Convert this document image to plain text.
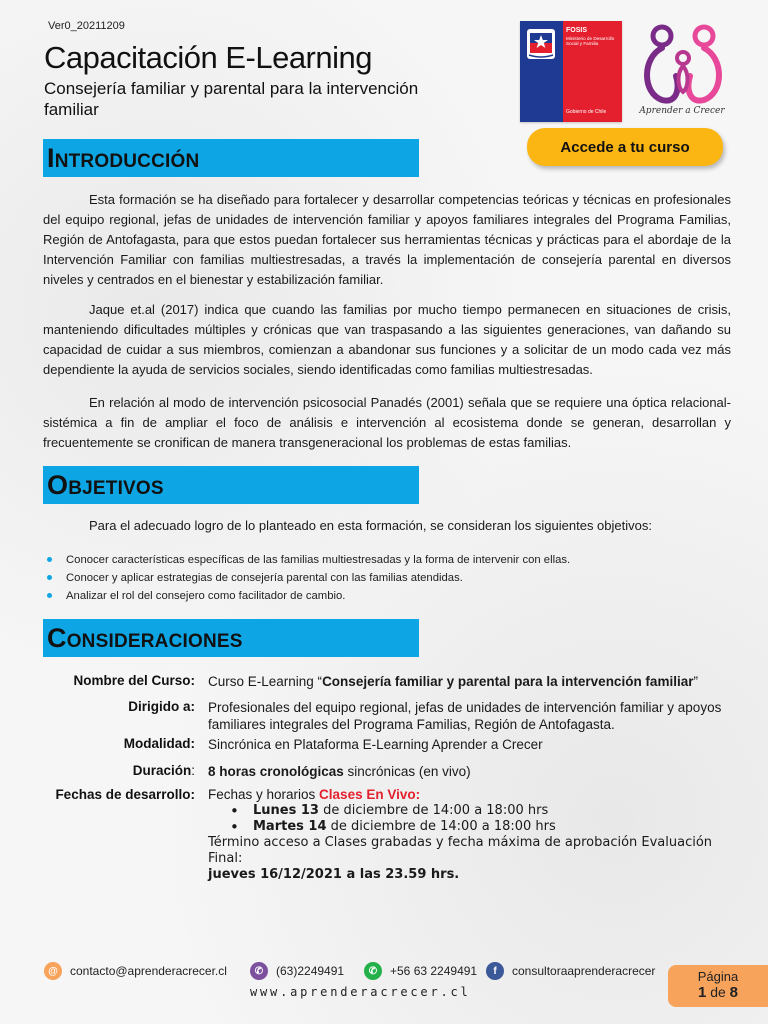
Ver0_20211209
Capacitación E-Learning
Consejería familiar y parental para la intervención familiar
FOSIS
Ministerio de Desarrollo Social y Familia
Gobierno de Chile	Aprender a Crecer
Accede a tu curso
Introducción

Esta formación se ha diseñado para fortalecer y desarrollar competencias teóricas y técnicas en profesionales del equipo regional, jefas de unidades de intervención familiar y apoyos familiares integrales del Programa Familias, Región de Antofagasta, para que estos puedan fortalecer sus herramientas técnicas y prácticas para el abordaje de la Intervención Familiar con familias multiestresadas, a través la implementación de consejería parental en diversos niveles y centrados en el bienestar y estabilización familiar.

Jaque et.al (2017) indica que cuando las familias por mucho tiempo permanecen en situaciones de crisis, manteniendo dificultades múltiples y crónicas que van traspasando a las siguientes generaciones, van dañando su capacidad de cuidar a sus miembros, comienzan a abandonar sus funciones y a solicitar de un modo cada vez más dependiente la ayuda de servicios sociales, siendo identificadas como familias multiestresadas.

En relación al modo de intervención psicosocial Panadés (2001) señala que se requiere una óptica relacional-sistémica a fin de ampliar el foco de análisis e intervención al ecosistema donde se generan, desarrollan y frecuentemente se cronifican de manera transgeneracional los problemas de estas familias.

Objetivos
Para el adecuado logro de lo planteado en esta formación, se consideran los siguientes objetivos:
Conocer características específicas de las familias multiestresadas y la forma de intervenir con ellas.
Conocer y aplicar estrategias de consejería parental con las familias atendidas.
Analizar el rol del consejero como facilitador de cambio.
Consideraciones
Nombre del Curso: Curso E-Learning “Consejería familiar y parental para la intervención familiar”
Dirigido a: Profesionales del equipo regional, jefas de unidades de intervención familiar y apoyos familiares integrales del Programa Familias, Región de Antofagasta.
Modalidad: Sincrónica en Plataforma E-Learning Aprender a Crecer
Duración: 8 horas cronológicas sincrónicas (en vivo)
Fechas de desarrollo: Fechas y horarios Clases En Vivo:
• Lunes 13 de diciembre de 14:00 a 18:00 hrs
• Martes 14 de diciembre de 14:00 a 18:00 hrs
Término acceso a Clases grabadas y fecha máxima de aprobación Evaluación Final:
jueves 16/12/2021 a las 23.59 hrs.
@	contacto@aprenderacrecer.cl	✆	(63)2249491	✆	+56 63 2249491	f	consultoraaprenderacrecer
www.aprenderacrecer.cl
Página
1 de 8
